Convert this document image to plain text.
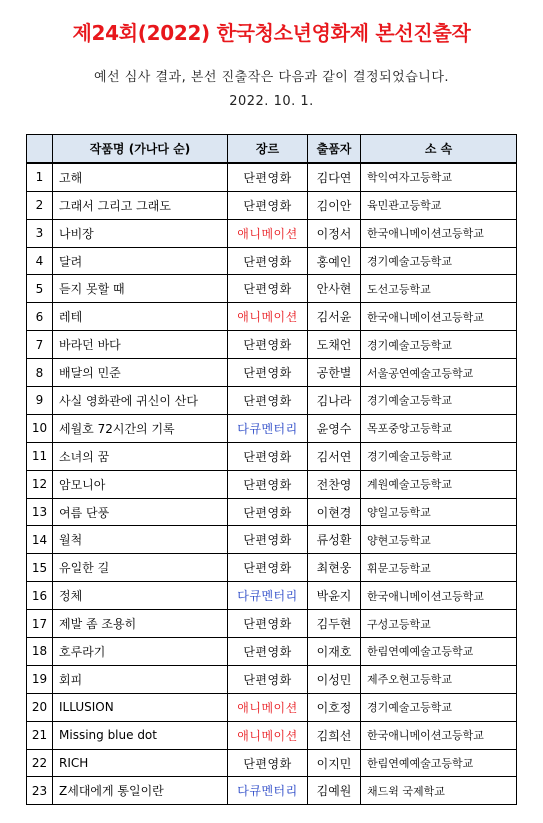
제24회(2022) 한국청소년영화제 본선진출작
예선 심사 결과, 본선 진출작은 다음과 같이 결정되었습니다.
2022. 10. 1.
	작품명 (가나다 순)	장르	출품자	소 속
1	고해	단편영화	김다연	학익여자고등학교
2	그래서 그리고 그래도	단편영화	김이안	육민관고등학교
3	나비장	애니메이션	이정서	한국애니메이션고등학교
4	달려	단편영화	홍예인	경기예술고등학교
5	듣지 못할 때	단편영화	안사현	도선고등학교
6	레테	애니메이션	김서윤	한국애니메이션고등학교
7	바라던 바다	단편영화	도채언	경기예술고등학교
8	배달의 민준	단편영화	공한별	서울공연예술고등학교
9	사실 영화관에 귀신이 산다	단편영화	김나라	경기예술고등학교
10	세월호 72시간의 기록	다큐멘터리	윤영수	목포중앙고등학교
11	소녀의 꿈	단편영화	김서연	경기예술고등학교
12	암모니아	단편영화	전찬영	계원예술고등학교
13	여름 단풍	단편영화	이현경	양일고등학교
14	월척	단편영화	류성환	양현고등학교
15	유일한 길	단편영화	최현웅	휘문고등학교
16	정체	다큐멘터리	박윤지	한국애니메이션고등학교
17	제발 좀 조용히	단편영화	김두현	구성고등학교
18	호루라기	단편영화	이재호	한림연예예술고등학교
19	회피	단편영화	이성민	제주오현고등학교
20	ILLUSION	애니메이션	이호정	경기예술고등학교
21	Missing blue dot	애니메이션	김희선	한국애니메이션고등학교
22	RICH	단편영화	이지민	한림연예예술고등학교
23	Z세대에게 통일이란	다큐멘터리	김예원	채드윅 국제학교
